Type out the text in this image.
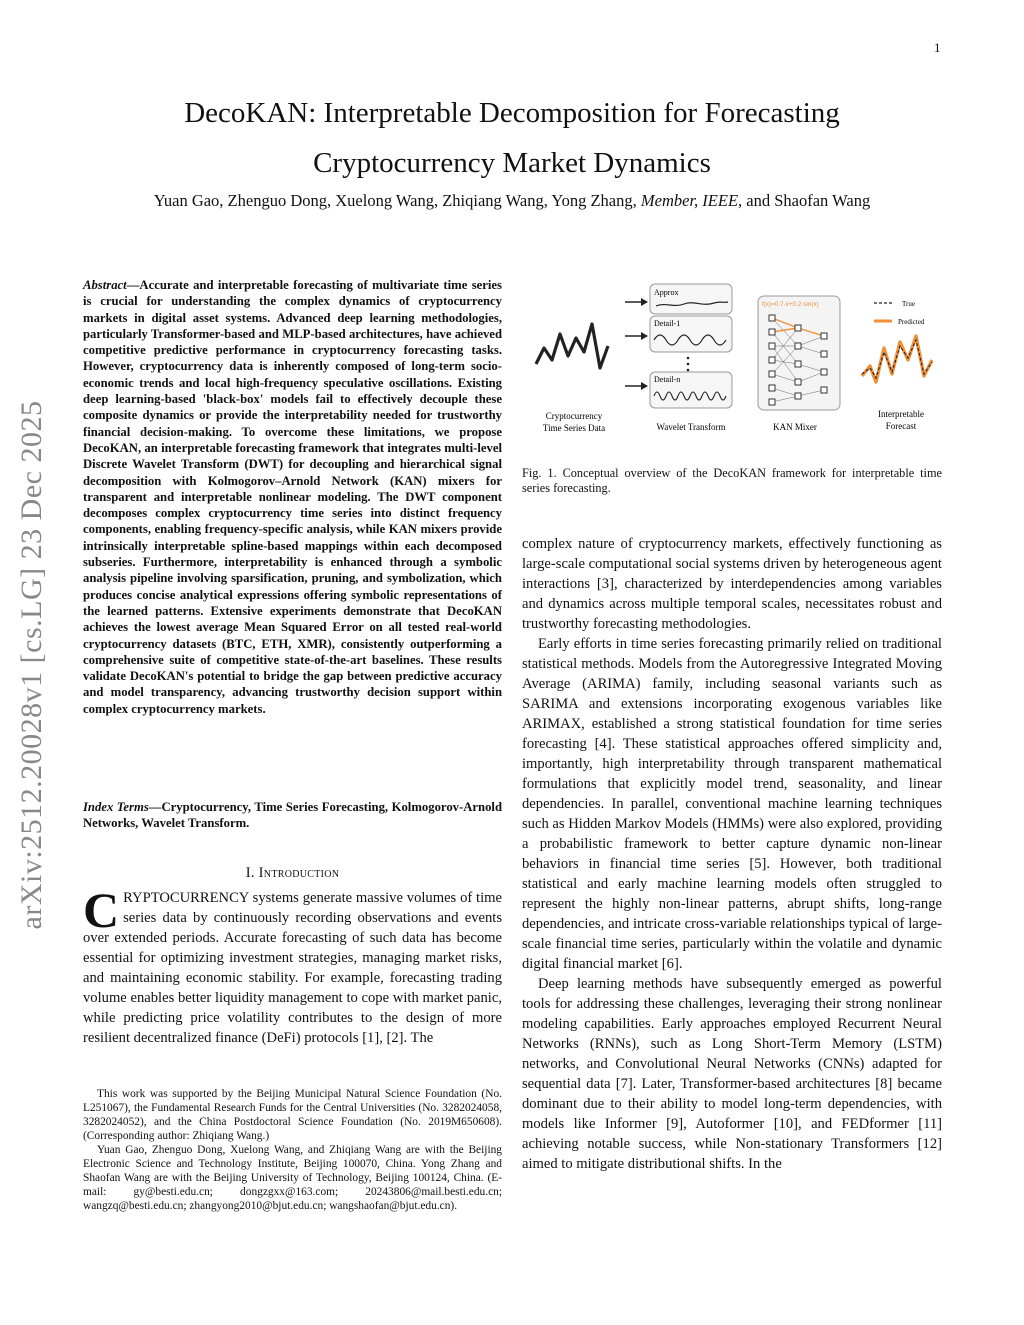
1
DecoKAN: Interpretable Decomposition for Forecasting
Cryptocurrency Market Dynamics
Yuan Gao, Zhenguo Dong, Xuelong Wang, Zhiqiang Wang, Yong Zhang, Member, IEEE, and Shaofan Wang
arXiv:2512.20028v1 [cs.LG] 23 Dec 2025
Abstract—Accurate and interpretable forecasting of multivariate time series is crucial for understanding the complex dynamics of cryptocurrency markets in digital asset systems. Advanced deep learning methodologies, particularly Transformer-based and MLP-based architectures, have achieved competitive predictive performance in cryptocurrency forecasting tasks. However, cryptocurrency data is inherently composed of long-term socio-economic trends and local high-frequency speculative oscillations. Existing deep learning-based 'black-box' models fail to effectively decouple these composite dynamics or provide the interpretability needed for trustworthy financial decision-making. To overcome these limitations, we propose DecoKAN, an interpretable forecasting framework that integrates multi-level Discrete Wavelet Transform (DWT) for decoupling and hierarchical signal decomposition with Kolmogorov–Arnold Network (KAN) mixers for transparent and interpretable nonlinear modeling. The DWT component decomposes complex cryptocurrency time series into distinct frequency components, enabling frequency-specific analysis, while KAN mixers provide intrinsically interpretable spline-based mappings within each decomposed subseries. Furthermore, interpretability is enhanced through a symbolic analysis pipeline involving sparsification, pruning, and symbolization, which produces concise analytical expressions offering symbolic representations of the learned patterns. Extensive experiments demonstrate that DecoKAN achieves the lowest average Mean Squared Error on all tested real-world cryptocurrency datasets (BTC, ETH, XMR), consistently outperforming a comprehensive suite of competitive state-of-the-art baselines. These results validate DecoKAN's potential to bridge the gap between predictive accuracy and model transparency, advancing trustworthy decision support within complex cryptocurrency markets.
Index Terms—Cryptocurrency, Time Series Forecasting, Kolmogorov-Arnold Networks, Wavelet Transform.
I. Introduction
CRYPTOCURRENCY systems generate massive volumes of time series data by continuously recording observations and events over extended periods. Accurate forecasting of such data has become essential for optimizing investment strategies, managing market risks, and maintaining economic stability. For example, forecasting trading volume enables better liquidity management to cope with market panic, while predicting price volatility contributes to the design of more resilient decentralized finance (DeFi) protocols [1], [2]. The

This work was supported by the Beijing Municipal Natural Science Foundation (No. L251067), the Fundamental Research Funds for the Central Universities (No. 3282024058, 3282024052), and the China Postdoctoral Science Foundation (No. 2019M650608). (Corresponding author: Zhiqiang Wang.)

Yuan Gao, Zhenguo Dong, Xuelong Wang, and Zhiqiang Wang are with the Beijing Electronic Science and Technology Institute, Beijing 100070, China. Yong Zhang and Shaofan Wang are with the Beijing University of Technology, Beijing 100124, China. (E-mail: gy@besti.edu.cn; dongzgxx@163.com; 20243806@mail.besti.edu.cn; wangzq@besti.edu.cn; zhangyong2010@bjut.edu.cn; wangshaofan@bjut.edu.cn).

Approx
Detail-1
Detail-n
f(x)=0.7·x+0.2·sin(x)	True
Predicted
Cryptocurrency
Time Series Data	Wavelet Transform	KAN Mixer
Interpretable
Forecast
Fig. 1. Conceptual overview of the DecoKAN framework for interpretable time series forecasting.

complex nature of cryptocurrency markets, effectively functioning as large-scale computational social systems driven by heterogeneous agent interactions [3], characterized by interdependencies among variables and dynamics across multiple temporal scales, necessitates robust and trustworthy forecasting methodologies.

Early efforts in time series forecasting primarily relied on traditional statistical methods. Models from the Autoregressive Integrated Moving Average (ARIMA) family, including seasonal variants such as SARIMA and extensions incorporating exogenous variables like ARIMAX, established a strong statistical foundation for time series forecasting [4]. These statistical approaches offered simplicity and, importantly, high interpretability through transparent mathematical formulations that explicitly model trend, seasonality, and linear dependencies. In parallel, conventional machine learning techniques such as Hidden Markov Models (HMMs) were also explored, providing a probabilistic framework to better capture dynamic non-linear behaviors in financial time series [5]. However, both traditional statistical and early machine learning models often struggled to represent the highly non-linear patterns, abrupt shifts, long-range dependencies, and intricate cross-variable relationships typical of large-scale financial time series, particularly within the volatile and dynamic digital financial market [6].

Deep learning methods have subsequently emerged as powerful tools for addressing these challenges, leveraging their strong nonlinear modeling capabilities. Early approaches employed Recurrent Neural Networks (RNNs), such as Long Short-Term Memory (LSTM) networks, and Convolutional Neural Networks (CNNs) adapted for sequential data [7]. Later, Transformer-based architectures [8] became dominant due to their ability to model long-term dependencies, with models like Informer [9], Autoformer [10], and FEDformer [11] achieving notable success, while Non-stationary Transformers [12] aimed to mitigate distributional shifts. In the
